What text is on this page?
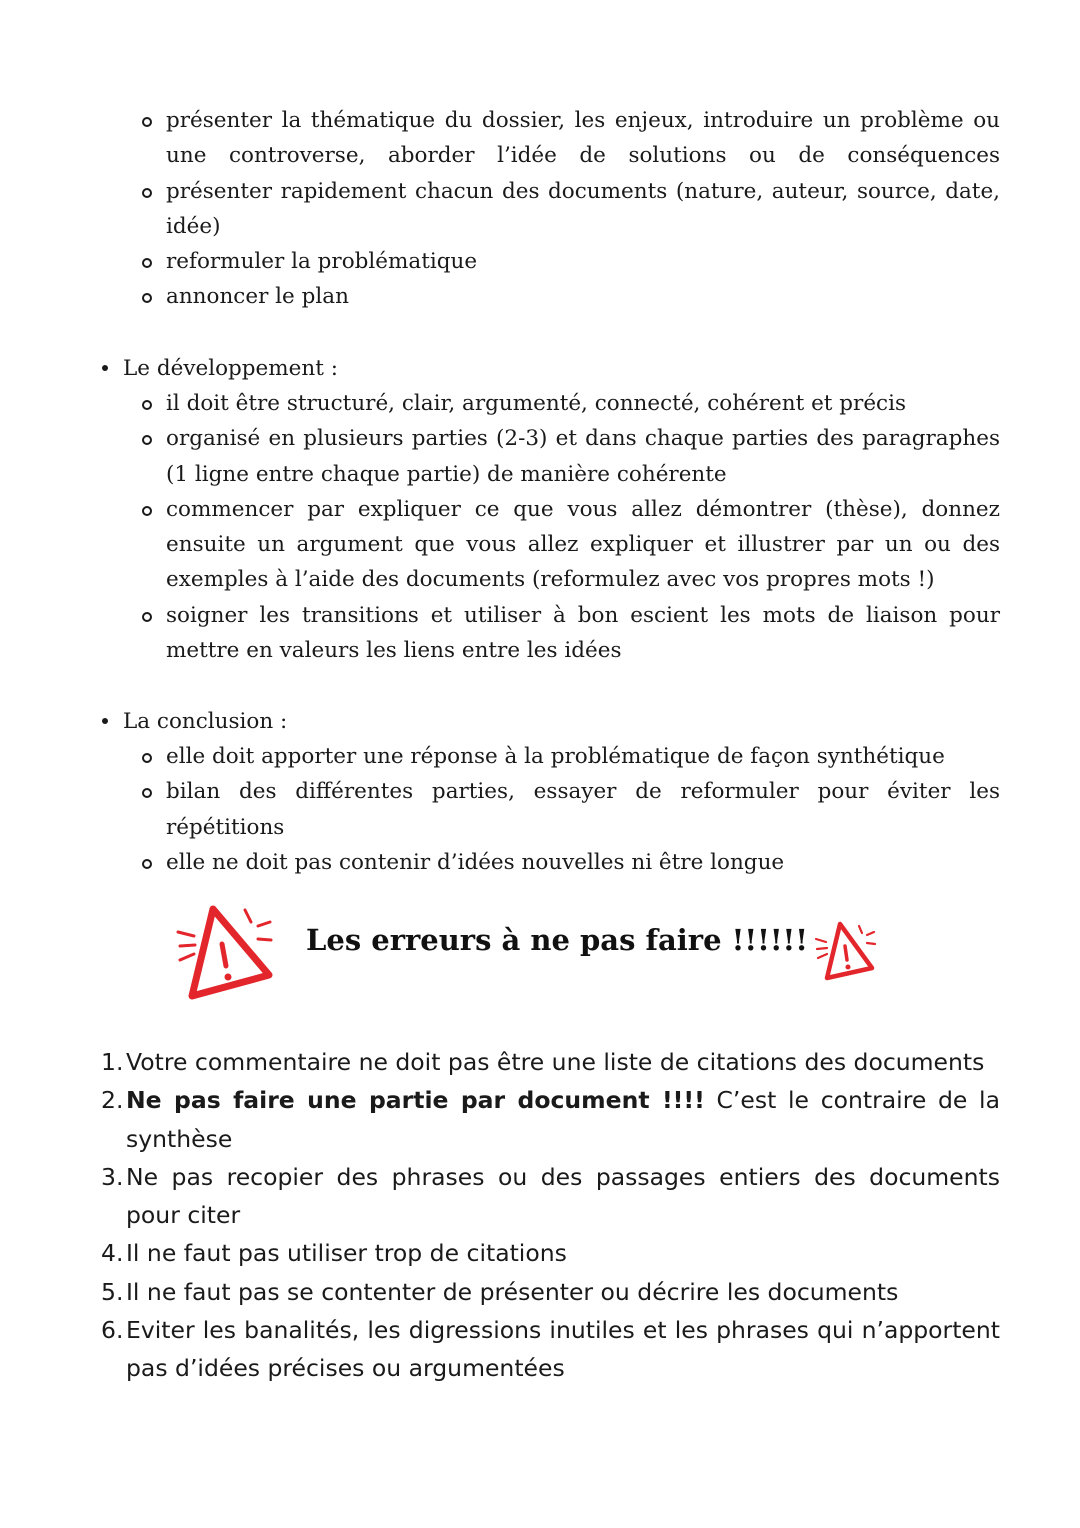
présenter la thématique du dossier, les enjeux, introduire un problème ou une controverse, aborder l’idée de solutions ou de conséquences
présenter rapidement chacun des documents (nature, auteur, source, date, idée)
reformuler la problématique
annoncer le plan
Le développement :
il doit être structuré, clair, argumenté, connecté, cohérent et précis
organisé en plusieurs parties (2-3) et dans chaque parties des paragraphes (1 ligne entre chaque partie) de manière cohérente
commencer par expliquer ce que vous allez démontrer (thèse), donnez ensuite un argument que vous allez expliquer et illustrer par un ou des exemples à l’aide des documents (reformulez avec vos propres mots !)
soigner les transitions et utiliser à bon escient les mots de liaison pour mettre en valeurs les liens entre les idées
La conclusion :
elle doit apporter une réponse à la problématique de façon synthétique
bilan des différentes parties, essayer de reformuler pour éviter les répétitions
elle ne doit pas contenir d’idées nouvelles ni être longue
Les erreurs à ne pas faire !!!!!!
1. Votre commentaire ne doit pas être une liste de citations des documents
2. Ne pas faire une partie par document !!!! C’est le contraire de la synthèse
3. Ne pas recopier des phrases ou des passages entiers des documents pour citer
4. Il ne faut pas utiliser trop de citations
5. Il ne faut pas se contenter de présenter ou décrire les documents
6. Eviter les banalités, les digressions inutiles et les phrases qui n’apportent pas d’idées précises ou argumentées
